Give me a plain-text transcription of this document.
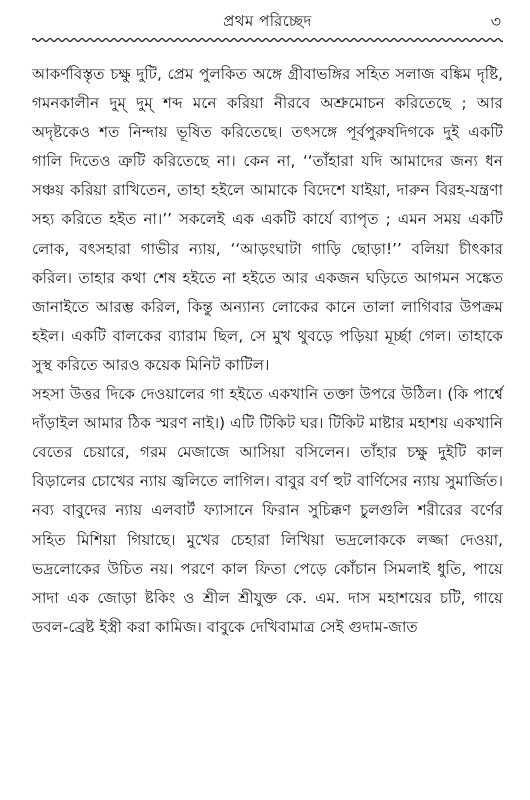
প্রথম পরিচ্ছেদ	৩

আকর্ণবিস্তৃত চক্ষু দুটি, প্রেম পুলকিত অঙ্গে গ্রীবাভঙ্গির সহিত সলাজ বঙ্কিম দৃষ্টি, গমনকালীন দুম্ দুম্ শব্দ মনে করিয়া নীরবে অশ্রুমোচন করিতেছে ; আর অদৃষ্টকেও শত নিন্দায় ভূষিত করিতেছে। তৎসঙ্গে পূর্বপুরুষদিগকে দুই একটি গালি দিতেও ত্রুটি করিতেছে না। কেন না, ‘‘তাঁহারা যদি আমাদের জন্য ধন সঞ্চয় করিয়া রাখিতেন, তাহা হইলে আমাকে বিদেশে যাইয়া, দারুন বিরহ-যন্ত্রণা সহ্য করিতে হইত না।’’ সকলেই এক একটি কার্যে ব্যাপৃত ; এমন সময় একটি লোক, বৎসহারা গাভীর ন্যায়, ‘‘আড়ংঘাটা গাড়ি ছোড়া!’’ বলিয়া চীৎকার করিল। তাহার কথা শেষ হইতে না হইতে আর একজন ঘড়িতে আগমন সঙ্কেত জানাইতে আরম্ভ করিল, কিন্তু অন্যান্য লোকের কানে তালা লাগিবার উপক্রম হইল। একটি বালকের ব্যারাম ছিল, সে মুখ থুবড়ে পড়িয়া মূর্চ্ছা গেল। তাহাকে সুস্থ করিতে আরও কয়েক মিনিট কাটিল।

সহসা উত্তর দিকে দেওয়ালের গা হইতে একখানি তক্তা উপরে উঠিল। (কি পার্শ্বে দাঁড়াইল আমার ঠিক স্মরণ নাই।) এটি টিকিট ঘর। টিকিট মাষ্টার মহাশয় একখানি বেতের চেয়ারে, গরম মেজাজে আসিয়া বসিলেন। তাঁহার চক্ষু দুইটি কাল বিড়ালের চোখের ন্যায় জ্বলিতে লাগিল। বাবুর বর্ণ হুট বার্ণিসের ন্যায় সুমার্জিত। নব্য বাবুদের ন্যায় এলবার্ট ফ্যাসানে ফিরান সুচিক্কণ চুলগুলি শরীরের বর্ণের সহিত মিশিয়া গিয়াছে। মুখের চেহারা লিখিয়া ভদ্রলোককে লজ্জা দেওয়া, ভদ্রলোকের উচিত নয়। পরণে কাল ফিতা পেড়ে কোঁচান সিমলাই ধুতি, পায়ে সাদা এক জোড়া ষ্টকিং ও শ্রীল শ্রীযুক্ত কে. এম. দাস মহাশয়ের চটি, গায়ে ডবল-ব্রেষ্ট ইস্ত্রী করা কামিজ। বাবুকে দেখিবামাত্র সেই গুদাম-জাত
